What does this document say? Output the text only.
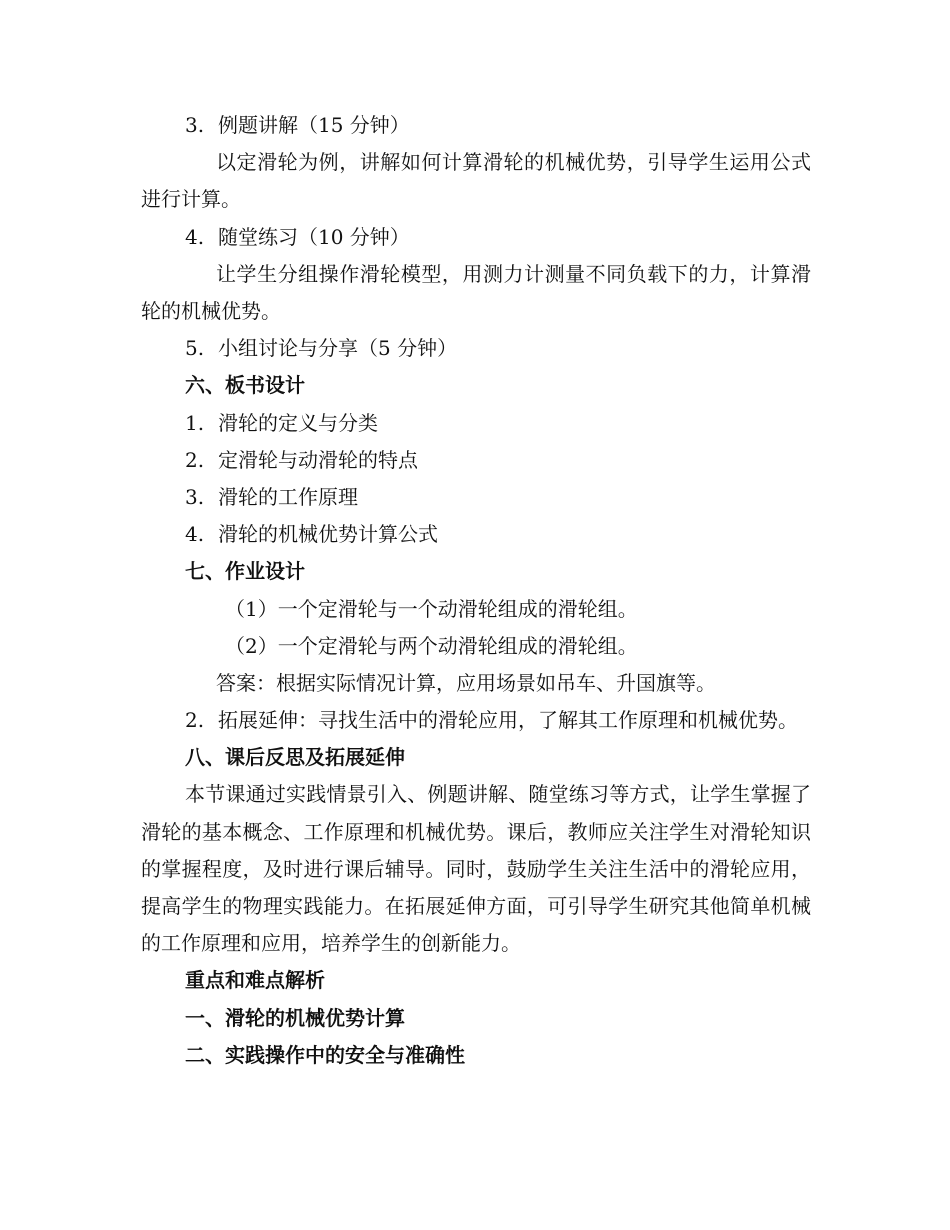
3. 例题讲解（15 分钟）
以定滑轮为例，讲解如何计算滑轮的机械优势，引导学生运用公式进行计算。
4. 随堂练习（10 分钟）
让学生分组操作滑轮模型，用测力计测量不同负载下的力，计算滑轮的机械优势。
5. 小组讨论与分享（5 分钟）
六、板书设计
1. 滑轮的定义与分类
2. 定滑轮与动滑轮的特点
3. 滑轮的工作原理
4. 滑轮的机械优势计算公式
七、作业设计
（1）一个定滑轮与一个动滑轮组成的滑轮组。
（2）一个定滑轮与两个动滑轮组成的滑轮组。
答案：根据实际情况计算，应用场景如吊车、升国旗等。
2. 拓展延伸：寻找生活中的滑轮应用，了解其工作原理和机械优势。
八、课后反思及拓展延伸
本节课通过实践情景引入、例题讲解、随堂练习等方式，让学生掌握了滑轮的基本概念、工作原理和机械优势。课后，教师应关注学生对滑轮知识的掌握程度，及时进行课后辅导。同时，鼓励学生关注生活中的滑轮应用，提高学生的物理实践能力。在拓展延伸方面，可引导学生研究其他简单机械的工作原理和应用，培养学生的创新能力。
重点和难点解析
一、滑轮的机械优势计算
二、实践操作中的安全与准确性
